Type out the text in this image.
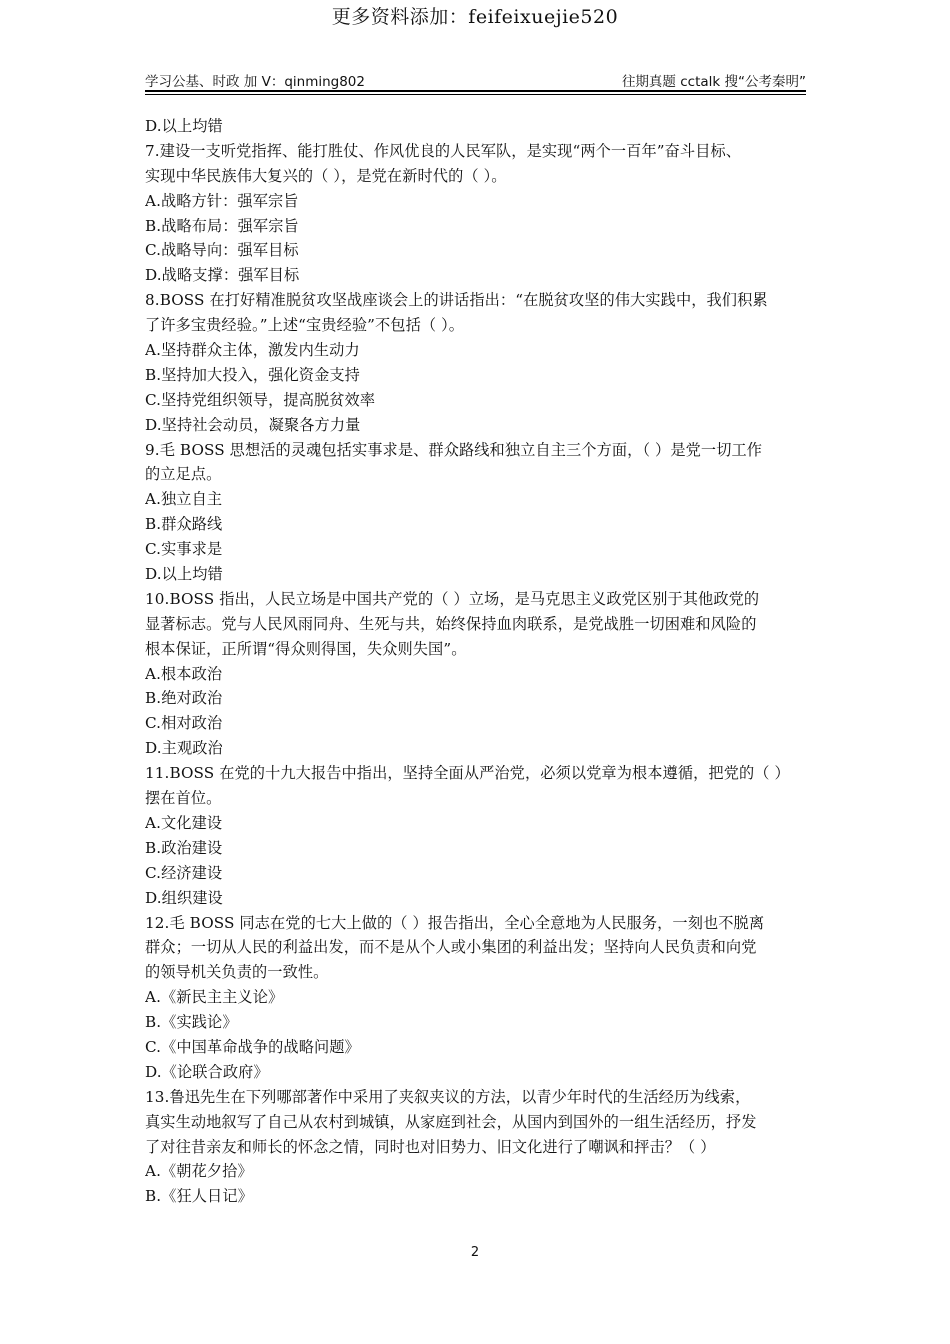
更多资料添加：feifeixuejie520
学习公基、时政 加 V：qinming802	往期真题 cctalk 搜“公考秦明”
D.以上均错
7.建设一支听党指挥、能打胜仗、作风优良的人民军队，是实现“两个一百年”奋斗目标、
实现中华民族伟大复兴的（ ），是党在新时代的（ ）。
A.战略方针：强军宗旨
B.战略布局：强军宗旨
C.战略导向：强军目标
D.战略支撑：强军目标
8.BOSS 在打好精准脱贫攻坚战座谈会上的讲话指出：“在脱贫攻坚的伟大实践中，我们积累
了许多宝贵经验。”上述“宝贵经验”不包括（ ）。
A.坚持群众主体，激发内生动力
B.坚持加大投入，强化资金支持
C.坚持党组织领导，提高脱贫效率
D.坚持社会动员，凝聚各方力量
9.毛 BOSS 思想活的灵魂包括实事求是、群众路线和独立自主三个方面，（ ）是党一切工作
的立足点。
A.独立自主
B.群众路线
C.实事求是
D.以上均错
10.BOSS 指出，人民立场是中国共产党的（ ）立场，是马克思主义政党区别于其他政党的
显著标志。党与人民风雨同舟、生死与共，始终保持血肉联系，是党战胜一切困难和风险的
根本保证，正所谓“得众则得国，失众则失国”。
A.根本政治
B.绝对政治
C.相对政治
D.主观政治
11.BOSS 在党的十九大报告中指出，坚持全面从严治党，必须以党章为根本遵循，把党的（ ）
摆在首位。
A.文化建设
B.政治建设
C.经济建设
D.组织建设
12.毛 BOSS 同志在党的七大上做的（ ）报告指出，全心全意地为人民服务，一刻也不脱离
群众；一切从人民的利益出发，而不是从个人或小集团的利益出发；坚持向人民负责和向党
的领导机关负责的一致性。
A.《新民主主义论》
B.《实践论》
C.《中国革命战争的战略问题》
D.《论联合政府》
13.鲁迅先生在下列哪部著作中采用了夹叙夹议的方法，以青少年时代的生活经历为线索，
真实生动地叙写了自己从农村到城镇，从家庭到社会，从国内到国外的一组生活经历，抒发
了对往昔亲友和师长的怀念之情，同时也对旧势力、旧文化进行了嘲讽和抨击？（ ）
A.《朝花夕拾》
B.《狂人日记》
2
